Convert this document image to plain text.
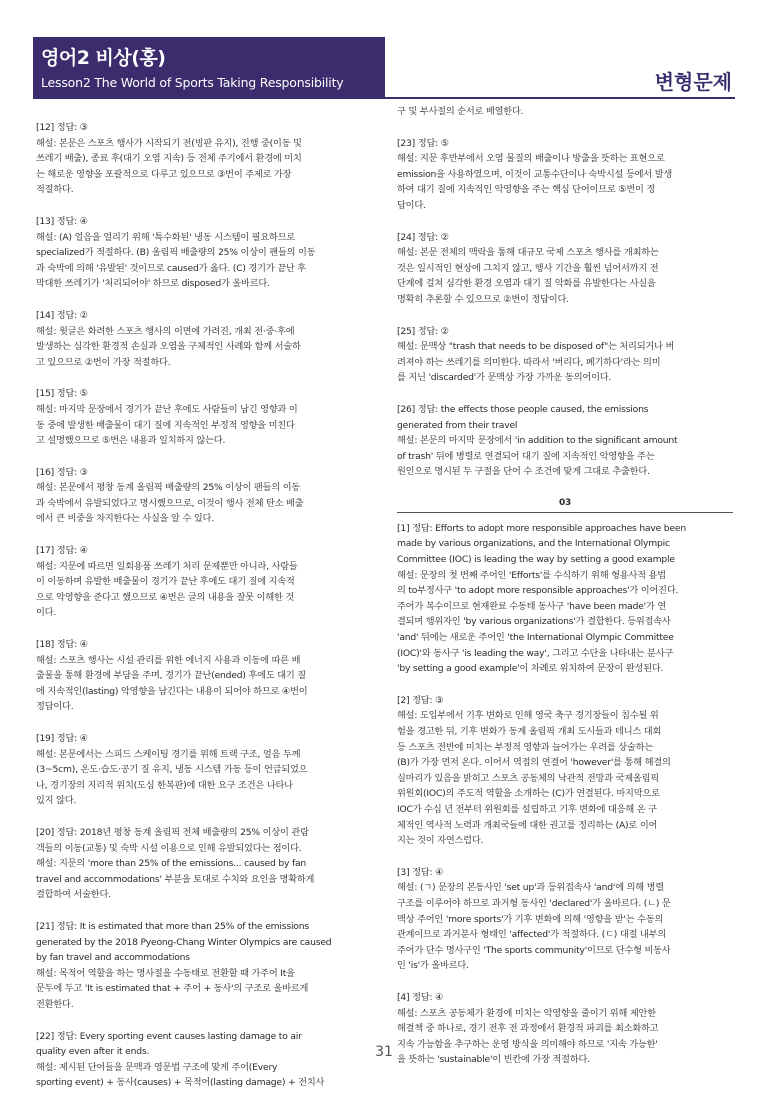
영어2 비상(홍)
Lesson2 The World of Sports Taking Responsibility	변형문제

[12] 정답: ③

해설: 본문은 스포츠 행사가 시작되기 전(빙판 유지), 진행 중(이동 및

쓰레기 배출), 종료 후(대기 오염 지속) 등 전체 주기에서 환경에 미치

는 해로운 영향을 포괄적으로 다루고 있으므로 ③번이 주제로 가장

적절하다.

[13] 정답: ④

해설: (A) 얼음을 얼리기 위해 '특수화된' 냉동 시스템이 필요하므로

specialized가 적절하다. (B) 올림픽 배출량의 25% 이상이 팬들의 이동

과 숙박에 의해 '유발된' 것이므로 caused가 옳다. (C) 경기가 끝난 후

막대한 쓰레기가 '처리되어야' 하므로 disposed가 올바르다.

[14] 정답: ②

해설: 윗글은 화려한 스포츠 행사의 이면에 가려진, 개최 전·중·후에

발생하는 심각한 환경적 손실과 오염을 구체적인 사례와 함께 서술하

고 있으므로 ②번이 가장 적절하다.

[15] 정답: ⑤

해설: 마지막 문장에서 경기가 끝난 후에도 사람들이 남긴 영향과 이

동 중에 발생한 배출물이 대기 질에 지속적인 부정적 영향을 미친다

고 설명했으므로 ⑤번은 내용과 일치하지 않는다.

[16] 정답: ③

해설: 본문에서 평창 동계 올림픽 배출량의 25% 이상이 팬들의 이동

과 숙박에서 유발되었다고 명시했으므로, 이것이 행사 전체 탄소 배출

에서 큰 비중을 차지한다는 사실을 알 수 있다.

[17] 정답: ④

해설: 지문에 따르면 일회용품 쓰레기 처리 문제뿐만 아니라, 사람들

이 이동하며 유발한 배출물이 경기가 끝난 후에도 대기 질에 지속적

으로 악영향을 준다고 했으므로 ④번은 글의 내용을 잘못 이해한 것

이다.

[18] 정답: ④

해설: 스포츠 행사는 시설 관리를 위한 에너지 사용과 이동에 따른 배

출물을 통해 환경에 부담을 주며, 경기가 끝난(ended) 후에도 대기 질

에 지속적인(lasting) 악영향을 남긴다는 내용이 되어야 하므로 ④번이

정답이다.

[19] 정답: ④

해설: 본문에서는 스피드 스케이팅 경기를 위해 트랙 구조, 얼음 두께

(3~5cm), 온도·습도·공기 질 유지, 냉동 시스템 가동 등이 언급되었으

나, 경기장의 지리적 위치(도심 한복판)에 대한 요구 조건은 나타나

있지 않다.

[20] 정답: 2018년 평창 동계 올림픽 전체 배출량의 25% 이상이 관람

객들의 이동(교통) 및 숙박 시설 이용으로 인해 유발되었다는 점이다.

해설: 지문의 'more than 25% of the emissions... caused by fan

travel and accommodations' 부분을 토대로 수치와 요인을 명확하게

결합하여 서술한다.

[21] 정답: It is estimated that more than 25% of the emissions

generated by the 2018 Pyeong-Chang Winter Olympics are caused

by fan travel and accommodations

해설: 목적어 역할을 하는 명사절을 수동태로 전환할 때 가주어 It을

문두에 두고 'It is estimated that + 주어 + 동사'의 구조로 올바르게

전환한다.

[22] 정답: Every sporting event causes lasting damage to air

quality even after it ends.

해설: 제시된 단어들을 문맥과 영문법 구조에 맞게 주어(Every

sporting event) + 동사(causes) + 목적어(lasting damage) + 전치사

구 및 부사절의 순서로 배열한다.

[23] 정답: ⑤

해설: 지문 후반부에서 오염 물질의 배출이나 방출을 뜻하는 표현으로

emission을 사용하였으며, 이것이 교통수단이나 숙박시설 등에서 발생

하여 대기 질에 지속적인 악영향을 주는 핵심 단어이므로 ⑤번이 정

답이다.

[24] 정답: ②

해설: 본문 전체의 맥락을 통해 대규모 국제 스포츠 행사를 개최하는

것은 일시적인 현상에 그치지 않고, 행사 기간을 훨씬 넘어서까지 전

단계에 걸쳐 심각한 환경 오염과 대기 질 악화를 유발한다는 사실을

명확히 추론할 수 있으므로 ②번이 정답이다.

[25] 정답: ②

해설: 문맥상 "trash that needs to be disposed of"는 처리되거나 버

려져야 하는 쓰레기를 의미한다. 따라서 '버리다, 폐기하다'라는 의미

를 지닌 'discarded'가 문맥상 가장 가까운 동의어이다.

[26] 정답: the effects those people caused, the emissions

generated from their travel

해설: 본문의 마지막 문장에서 'in addition to the significant amount

of trash' 뒤에 병렬로 연결되어 대기 질에 지속적인 악영향을 주는

원인으로 명시된 두 구절을 단어 수 조건에 맞게 그대로 추출한다.

03

[1] 정답: Efforts to adopt more responsible approaches have been

made by various organizations, and the International Olympic

Committee (IOC) is leading the way by setting a good example

해설: 문장의 첫 번째 주어인 'Efforts'를 수식하기 위해 형용사적 용법

의 to부정사구 'to adopt more responsible approaches'가 이어진다.

주어가 복수이므로 현재완료 수동태 동사구 'have been made'가 연

결되며 행위자인 'by various organizations'가 결합한다. 등위접속사

'and' 뒤에는 새로운 주어인 'the International Olympic Committee

(IOC)'와 동사구 'is leading the way', 그리고 수단을 나타내는 분사구

'by setting a good example'이 차례로 위치하여 문장이 완성된다.

[2] 정답: ③

해설: 도입부에서 기후 변화로 인해 영국 축구 경기장들이 침수될 위

험을 경고한 뒤, 기후 변화가 동계 올림픽 개최 도시들과 테니스 대회

등 스포츠 전반에 미치는 부정적 영향과 늘어가는 우려를 상술하는

(B)가 가장 먼저 온다. 이어서 역접의 연결어 'however'를 통해 해결의

실마리가 있음을 밝히고 스포츠 공동체의 낙관적 전망과 국제올림픽

위원회(IOC)의 주도적 역할을 소개하는 (C)가 연결된다. 마지막으로

IOC가 수십 년 전부터 위원회를 설립하고 기후 변화에 대응해 온 구

체적인 역사적 노력과 개최국들에 대한 권고를 정리하는 (A)로 이어

지는 것이 자연스럽다.

[3] 정답: ④

해설: (ㄱ) 문장의 본동사인 'set up'과 등위접속사 'and'에 의해 병렬

구조를 이루어야 하므로 과거형 동사인 'declared'가 올바르다. (ㄴ) 문

맥상 주어인 'more sports'가 기후 변화에 의해 '영향을 받'는 수동의

관계이므로 과거분사 형태인 'affected'가 적절하다. (ㄷ) 대절 내부의

주어가 단수 명사구인 'The sports community'이므로 단수형 비동사

인 'is'가 올바르다.

[4] 정답: ④

해설: 스포츠 공동체가 환경에 미치는 악영향을 줄이기 위해 제안한

해결책 중 하나로, 경기 전후 전 과정에서 환경적 파괴를 최소화하고

지속 가능함을 추구하는 운영 방식을 의미해야 하므로 '지속 가능한'

을 뜻하는 'sustainable'이 빈칸에 가장 적절하다.

31
